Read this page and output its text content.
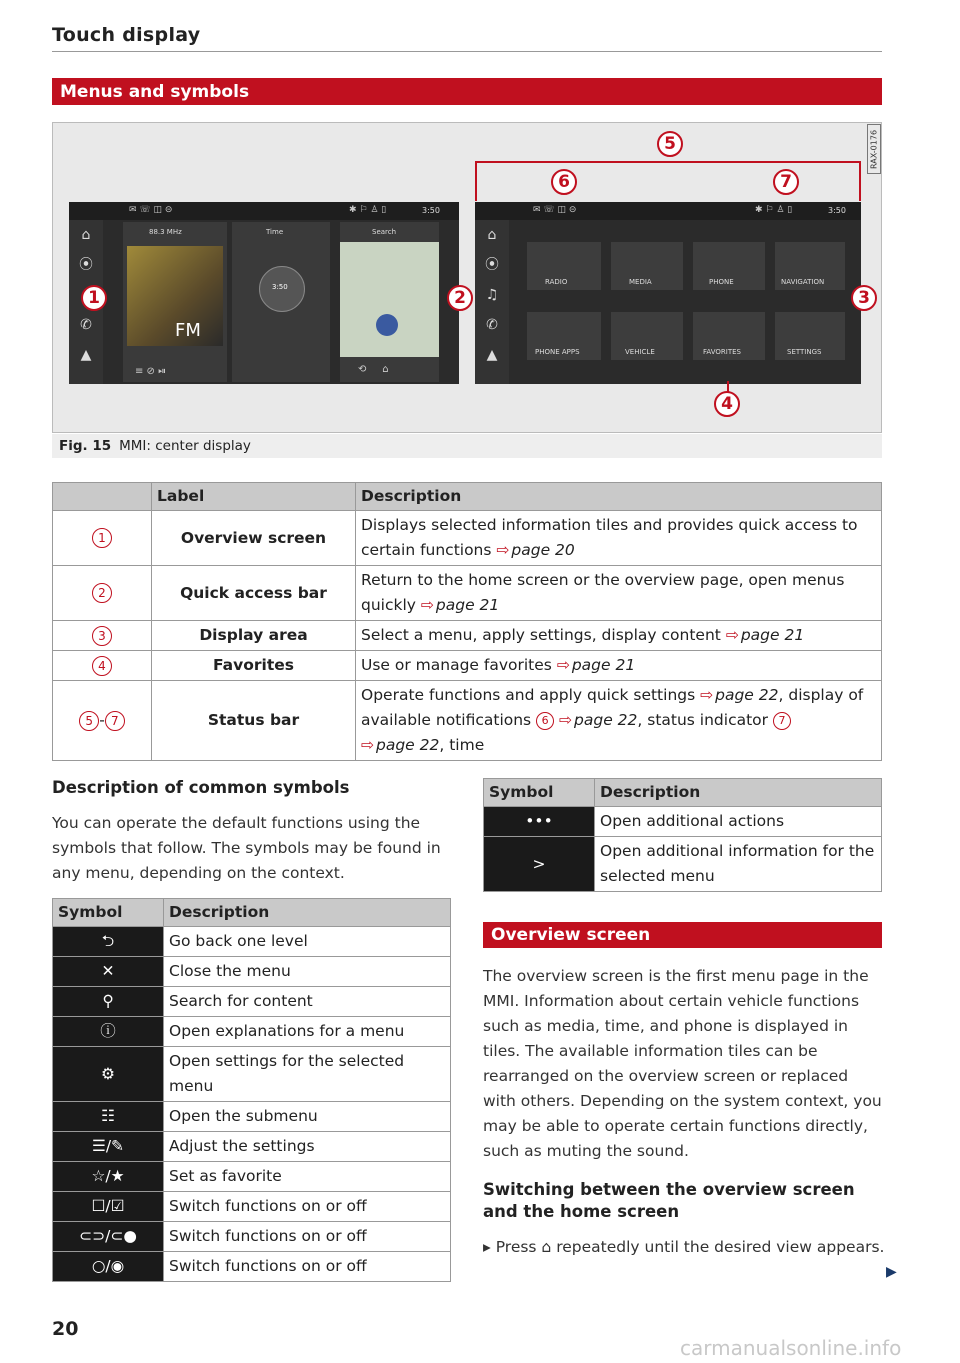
Touch display
Menus and symbols
RAX-0176
✉ ☏ ◫ ⊝	✱ ⚐ ♙ ▯	3:50
⌂
⦿
✆
▲
88.3 MHz
FM
≡ ⊘ ⏯
Time
3:50
Search
⟲     ⌂
✉ ☏ ◫ ⊝	✱ ⚐ ♙ ▯	3:50
⌂
⦿
♫
✆
▲
RADIO	MEDIA	PHONE	NAVIGATION
PHONE APPS	VEHICLE	FAVORITES	SETTINGS
1	2	3
4
5
6	7
Fig. 15 MMI: center display
	Label	Description
1	Overview screen	Displays selected information tiles and provides quick access to certain functions ⇨ page 20
2	Quick access bar	Return to the home screen or the overview page, open menus quickly ⇨ page 21
3	Display area	Select a menu, apply settings, display content ⇨ page 21
4	Favorites	Use or manage favorites ⇨ page 21
5 - 7	Status bar	Operate functions and apply quick settings ⇨ page 22, display of available notifications 6 ⇨ page 22, status indicator 7
⇨ page 22, time
Description of common symbols
You can operate the default functions using the symbols that follow. The symbols may be found in any menu, depending on the context.
Symbol	Description
⮌	Go back one level
✕	Close the menu
⚲	Search for content
ⓘ	Open explanations for a menu
⚙	Open settings for the selected menu
☷	Open the submenu
☰/✎	Adjust the settings
☆/★	Set as favorite
☐/☑	Switch functions on or off
⊂⊃/⊂●	Switch functions on or off
○/◉	Switch functions on or off
Symbol	Description
•••	Open additional actions
>	Open additional information for the selected menu
Overview screen
The overview screen is the first menu page in the MMI. Information about certain vehicle functions such as media, time, and phone is displayed in tiles. The available information tiles can be rearranged on the overview screen or replaced with others. Depending on the system context, you may be able to operate certain functions directly, such as muting the sound.
Switching between the overview screen and the home screen
▸ Press ⌂ repeatedly until the desired view appears.
▶
20
carmanualsonline.info
